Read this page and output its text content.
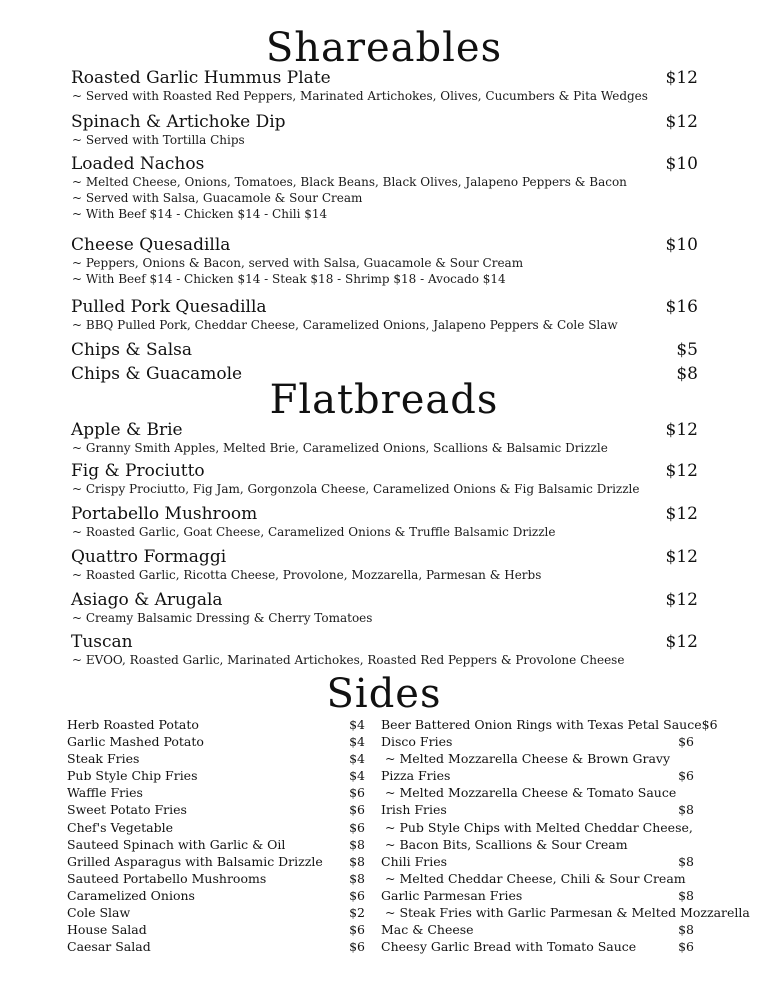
Shareables
Roasted Garlic Hummus Plate	$12
~ Served with Roasted Red Peppers, Marinated Artichokes, Olives, Cucumbers & Pita Wedges
Spinach & Artichoke Dip	$12
~ Served with Tortilla Chips
Loaded Nachos	$10
~ Melted Cheese, Onions, Tomatoes, Black Beans, Black Olives, Jalapeno Peppers & Bacon
~ Served with Salsa, Guacamole & Sour Cream
~ With Beef $14 - Chicken $14 - Chili $14
Cheese Quesadilla	$10
~ Peppers, Onions & Bacon, served with Salsa, Guacamole & Sour Cream
~ With Beef $14 - Chicken $14 - Steak $18 - Shrimp $18 - Avocado $14
Pulled Pork Quesadilla	$16
~ BBQ Pulled Pork, Cheddar Cheese, Caramelized Onions, Jalapeno Peppers & Cole Slaw
Chips & Salsa	$5
Chips & Guacamole	$8
Flatbreads
Apple & Brie	$12
~ Granny Smith Apples, Melted Brie, Caramelized Onions, Scallions & Balsamic Drizzle
Fig & Prociutto	$12
~ Crispy Prociutto, Fig Jam, Gorgonzola Cheese, Caramelized Onions & Fig Balsamic Drizzle
Portabello Mushroom	$12
~ Roasted Garlic, Goat Cheese, Caramelized Onions & Truffle Balsamic Drizzle
Quattro Formaggi	$12
~ Roasted Garlic, Ricotta Cheese, Provolone, Mozzarella, Parmesan & Herbs
Asiago & Arugala	$12
~ Creamy Balsamic Dressing & Cherry Tomatoes
Tuscan	$12
~ EVOO, Roasted Garlic, Marinated Artichokes, Roasted Red Peppers & Provolone Cheese
Sides
Herb Roasted Potato	$4
Garlic Mashed Potato	$4
Steak Fries	$4
Pub Style Chip Fries	$4
Waffle Fries	$6
Sweet Potato Fries	$6
Chef's Vegetable	$6
Sauteed Spinach with Garlic & Oil	$8
Grilled Asparagus with Balsamic Drizzle $8
Sauteed Portabello Mushrooms	$8
Caramelized Onions	$6
Cole Slaw	$2
House Salad	$6
Caesar Salad	$6
Beer Battered Onion Rings with Texas Petal Sauce $6
Disco Fries	$6
~ Melted Mozzarella Cheese & Brown Gravy
Pizza Fries	$6
~ Melted Mozzarella Cheese & Tomato Sauce
Irish Fries	$8
~ Pub Style Chips with Melted Cheddar Cheese,
~ Bacon Bits, Scallions & Sour Cream
Chili Fries	$8
~ Melted Cheddar Cheese, Chili & Sour Cream
Garlic Parmesan Fries	$8
~ Steak Fries with Garlic Parmesan & Melted Mozzarella
Mac & Cheese	$8
Cheesy Garlic Bread with Tomato Sauce	$6
